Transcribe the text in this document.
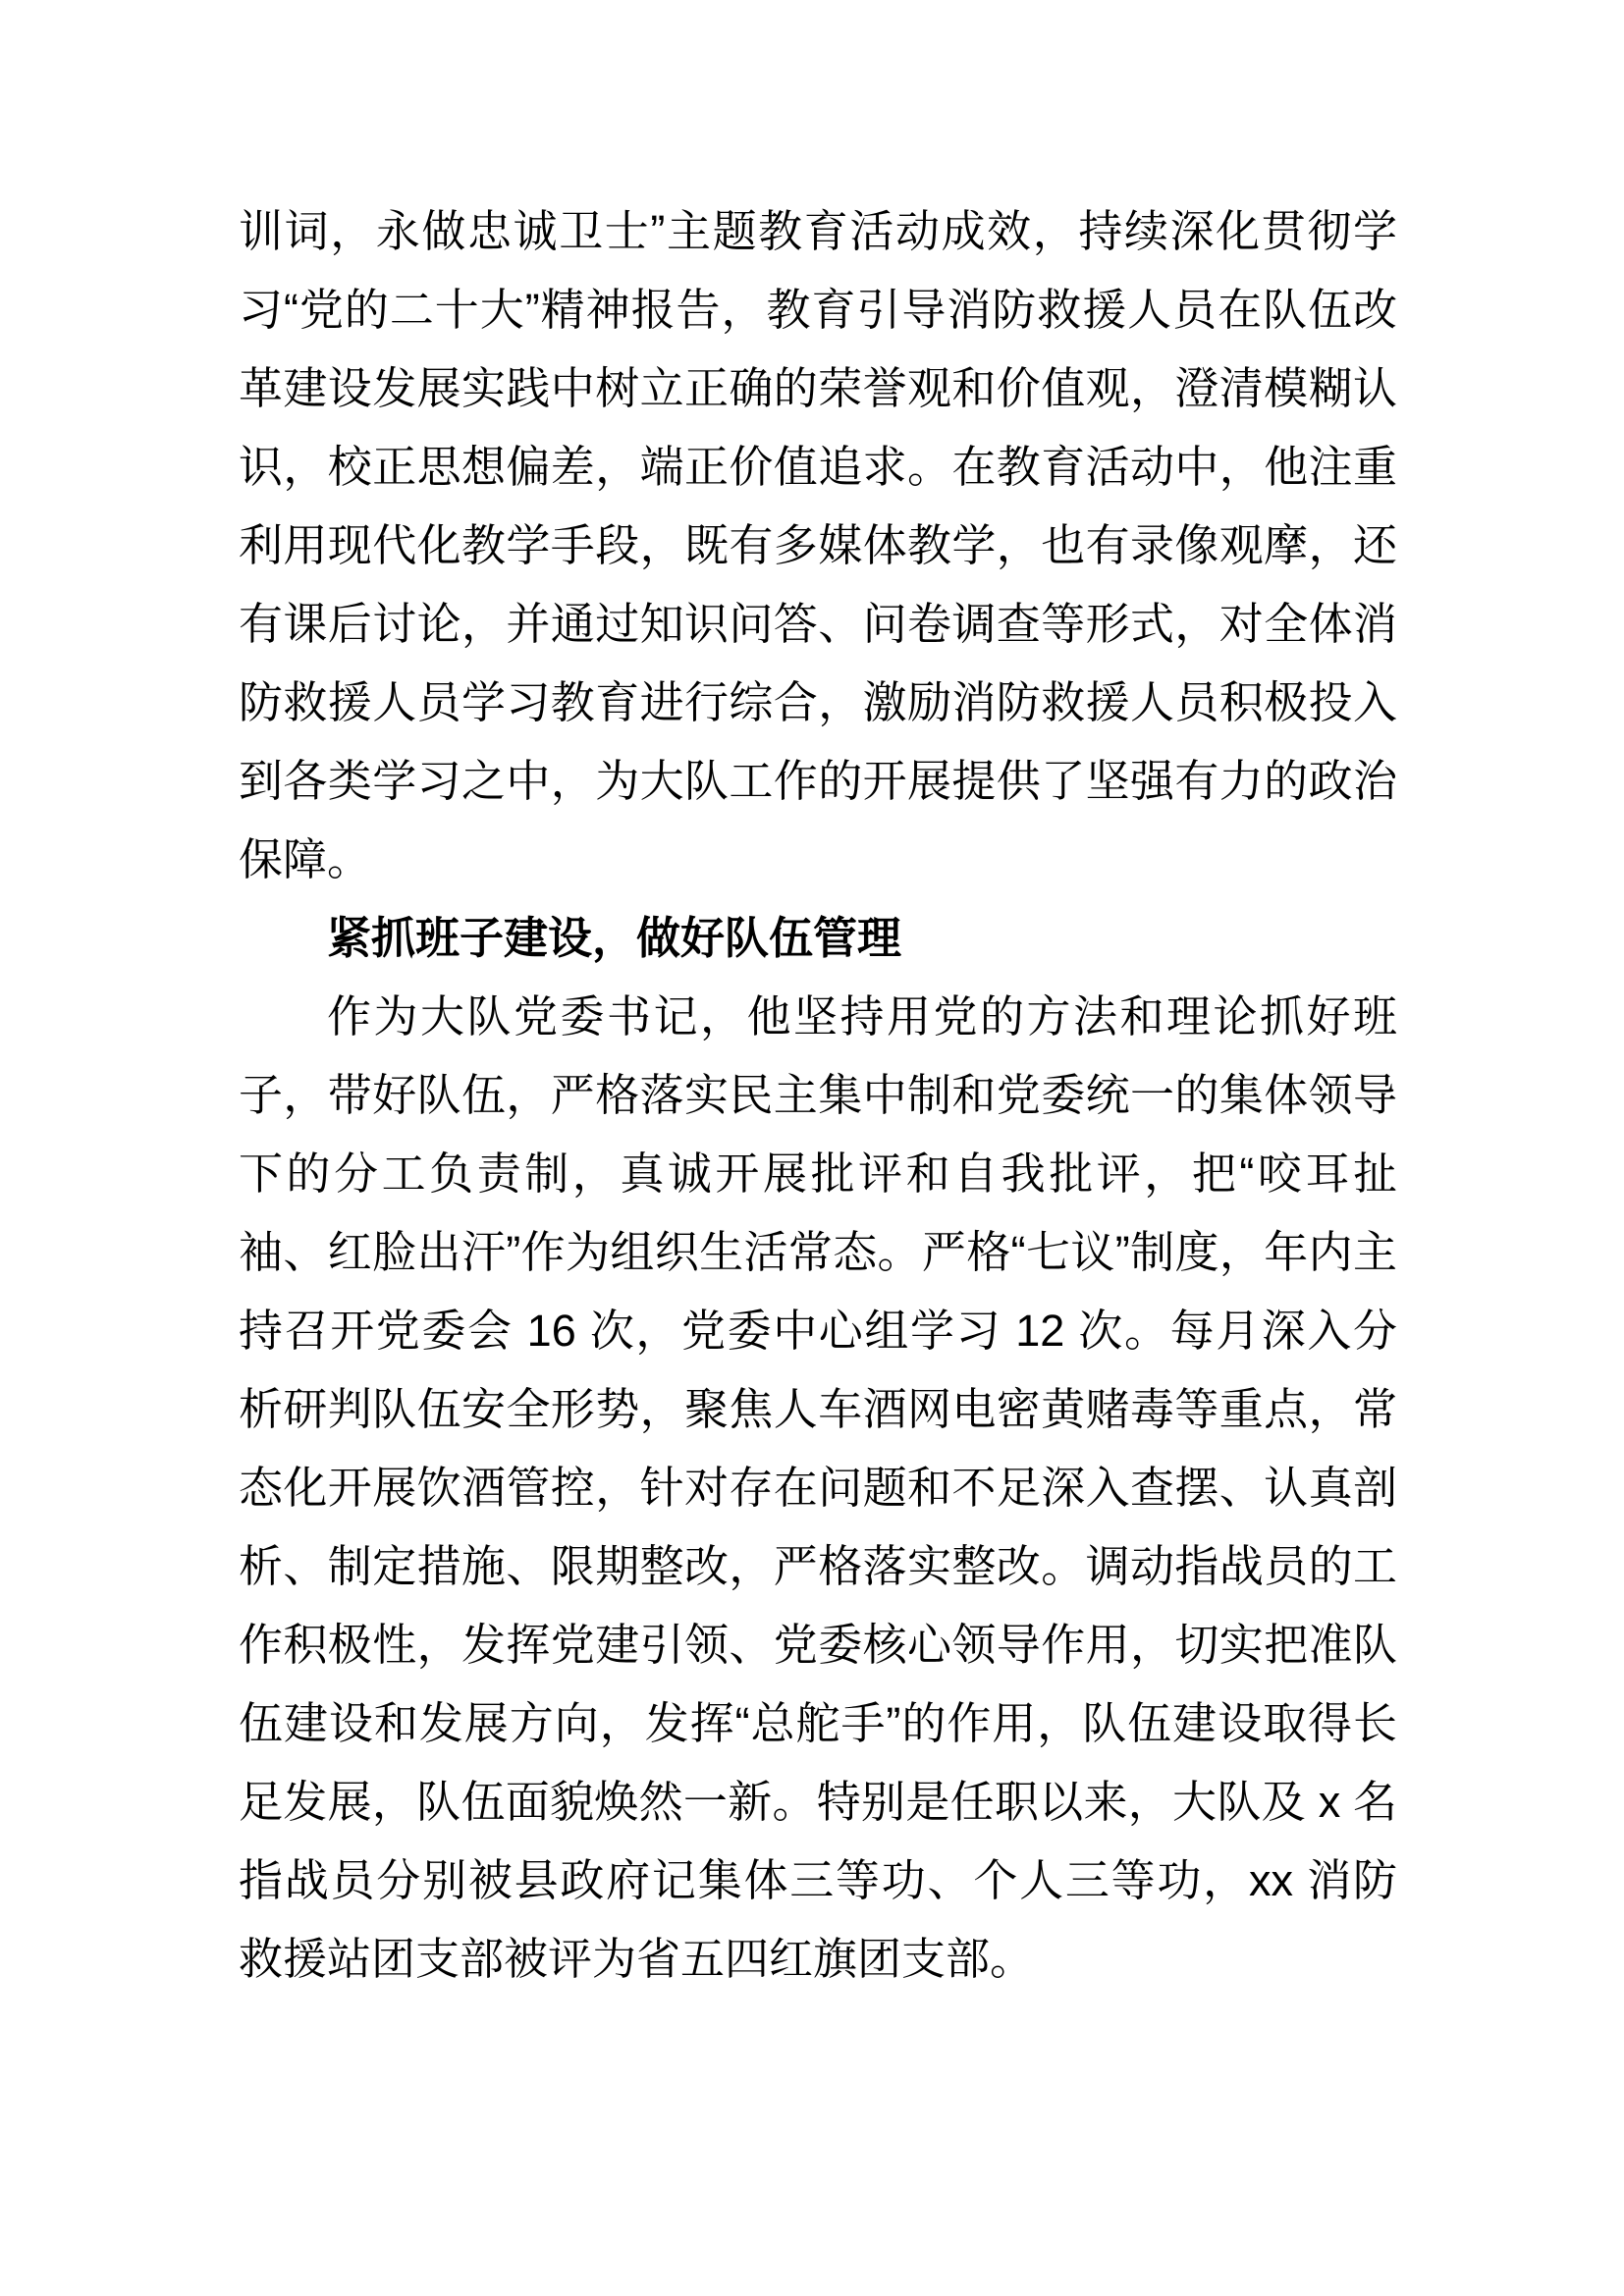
训词，永做忠诚卫士”主题教育活动成效，持续深化贯彻学习“党的二十大”精神报告，教育引导消防救援人员在队伍改革建设发展实践中树立正确的荣誉观和价值观，澄清模糊认识，校正思想偏差，端正价值追求。在教育活动中，他注重利用现代化教学手段，既有多媒体教学，也有录像观摩，还有课后讨论，并通过知识问答、问卷调查等形式，对全体消防救援人员学习教育进行综合，激励消防救援人员积极投入到各类学习之中，为大队工作的开展提供了坚强有力的政治保障。

紧抓班子建设，做好队伍管理

作为大队党委书记，他坚持用党的方法和理论抓好班子，带好队伍，严格落实民主集中制和党委统一的集体领导下的分工负责制，真诚开展批评和自我批评，把“咬耳扯袖、红脸出汗”作为组织生活常态。严格“七议”制度，年内主持召开党委会 16 次，党委中心组学习 12 次。每月深入分析研判队伍安全形势，聚焦人车酒网电密黄赌毒等重点，常态化开展饮酒管控，针对存在问题和不足深入查摆、认真剖析、制定措施、限期整改，严格落实整改。调动指战员的工作积极性，发挥党建引领、党委核心领导作用，切实把准队伍建设和发展方向，发挥“总舵手”的作用，队伍建设取得长足发展，队伍面貌焕然一新。特别是任职以来，大队及 x 名指战员分别被县政府记集体三等功、个人三等功，xx 消防救援站团支部被评为省五四红旗团支部。
